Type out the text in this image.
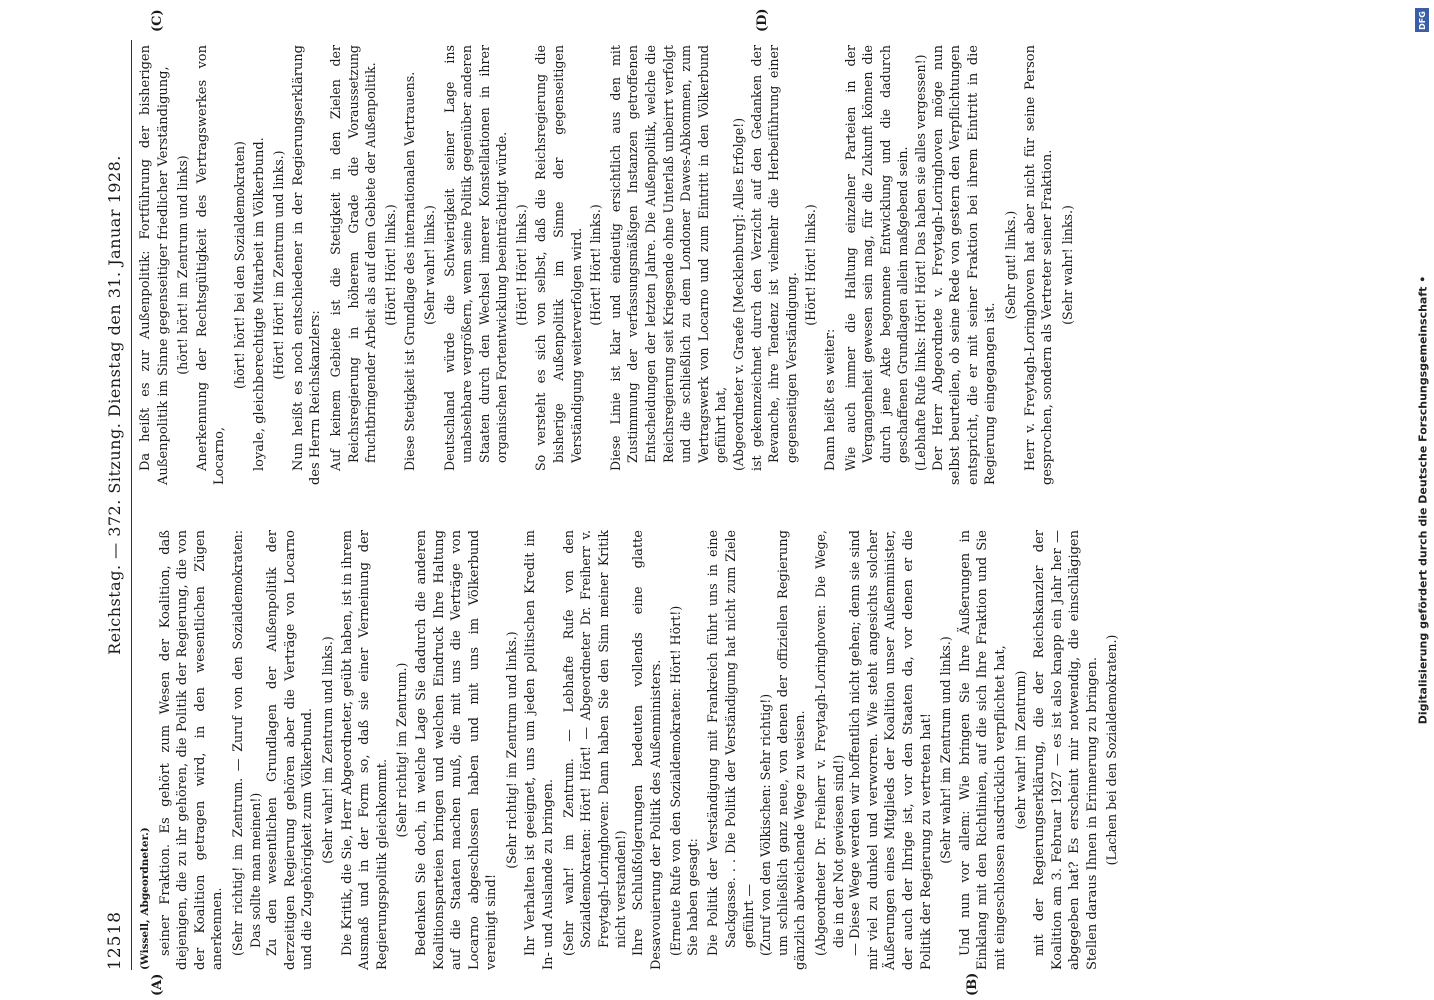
12518
Reichstag. — 372. Sitzung. Dienstag den 31. Januar 1928.
(A)	(B)
(C)	(D)
(Wissell, Abgeordneter.) seiner Fraktion. Es gehört zum Wesen der Koalition, daß diejenigen, die zu ihr gehören, die Politik der Regierung, die von der Koalition getragen wird, in den wesentlichen Zügen anerkennen. (Sehr richtig! im Zentrum. — Zuruf von den Sozialdemokraten: Das sollte man meinen!) Zu den wesentlichen Grundlagen der Außenpolitik der derzeitigen Regierung gehören aber die Verträge von Locarno und die Zugehörigkeit zum Völkerbund. (Sehr wahr! im Zentrum und links.) Die Kritik, die Sie, Herr Abgeordneter, geübt haben, ist in ihrem Ausmaß und in der Form so, daß sie einer Verneinung der Regierungspolitik gleichkommt.
(Sehr richtig! im Zentrum.) Bedenken Sie doch, in welche Lage Sie dadurch die anderen Koalitionsparteien bringen und welchen Eindruck Ihre Haltung auf die Staaten machen muß, die mit uns die Verträge von Locarno abgeschlossen haben und mit uns im Völkerbund vereinigt sind!
(Sehr richtig! im Zentrum und links.) Ihr Verhalten ist geeignet, uns um jeden politischen Kredit im In- und Auslande zu bringen. (Sehr wahr! im Zentrum. — Lebhafte Rufe von den Sozialdemokraten: Hört! Hört! — Abgeordneter Dr. Freiherr v. Freytagh-Loringhoven: Dann haben Sie den Sinn meiner Kritik nicht verstanden!) Ihre Schlußfolgerungen bedeuten vollends eine glatte Desavouierung der Politik des Außenministers. (Erneute Rufe von den Sozialdemokraten: Hört! Hört!) Sie haben gesagt: Die Politik der Verständigung mit Frankreich führt uns in eine Sackgasse. . . Die Politik der Verständigung hat nicht zum Ziele geführt — (Zuruf von den Völkischen: Sehr richtig!) um schließlich ganz neue, von denen der offiziellen Regierung gänzlich abweichende Wege zu weisen. (Abgeordneter Dr. Freiherr v. Freytagh-Loringhoven: Die Wege, die in der Not gewiesen sind!) — Diese Wege werden wir hoffentlich nicht gehen; denn sie sind mir viel zu dunkel und verworren. Wie steht angesichts solcher Äußerungen eines Mitglieds der Koalition unser Außenminister, der auch der Ihrige ist, vor den Staaten da, vor denen er die Politik der Regierung zu vertreten hat! (Sehr wahr! im Zentrum und links.) Und nun vor allem: Wie bringen Sie Ihre Äußerungen in Einklang mit den Richtlinien, auf die sich Ihre Fraktion und Sie mit eingeschlossen ausdrücklich verpflichtet hat, (sehr wahr! im Zentrum) mit der Regierungserklärung, die der Reichskanzler der Koalition am 3. Februar 1927 — es ist also knapp ein Jahr her — abgegeben hat? Es erscheint mir notwendig, die einschlägigen Stellen daraus Ihnen in Erinnerung zu bringen. (Lachen bei den Sozialdemokraten.)
Da heißt es zur Außenpolitik: Fortführung der bisherigen Außenpolitik im Sinne gegenseitiger friedlicher Verständigung, (hört! hört! im Zentrum und links) Anerkennung der Rechtsgültigkeit des Vertragswerkes von Locarno,
(hört! hört! bei den Sozialdemokraten) loyale, gleichberechtigte Mitarbeit im Völkerbund. (Hört! Hört! im Zentrum und links.) Nun heißt es noch entschiedener in der Regierungserklärung des Herrn Reichskanzlers: Auf keinem Gebiete ist die Stetigkeit in den Zielen der Reichsregierung in höherem Grade die Voraussetzung fruchtbringender Arbeit als auf dem Gebiete der Außenpolitik. (Hört! Hört! links.) Diese Stetigkeit ist Grundlage des internationalen Vertrauens. (Sehr wahr! links.) Deutschland würde die Schwierigkeit seiner Lage ins unabsehbare vergrößern, wenn seine Politik gegenüber anderen Staaten durch den Wechsel innerer Konstellationen in ihrer organischen Fortentwicklung beeinträchtigt würde. (Hört! Hört! links.) So versteht es sich von selbst, daß die Reichsregierung die bisherige Außenpolitik im Sinne der gegenseitigen Verständigung weiterverfolgen wird. (Hört! Hört! links.) Diese Linie ist klar und eindeutig ersichtlich aus den mit Zustimmung der verfassungsmäßigen Instanzen getroffenen Entscheidungen der letzten Jahre. Die Außenpolitik, welche die Reichsregierung seit Kriegsende ohne Unterlaß unbeirrt verfolgt und die schließlich zu dem Londoner Dawes-Abkommen, zum Vertragswerk von Locarno und zum Eintritt in den Völkerbund geführt hat, (Abgeordneter v. Graefe [Mecklenburg]: Alles Erfolge!) ist gekennzeichnet durch den Verzicht auf den Gedanken der Revanche, ihre Tendenz ist vielmehr die Herbeiführung einer gegenseitigen Verständigung.
(Hört! Hört! links.)
Dann heißt es weiter: Wie auch immer die Haltung einzelner Parteien in der Vergangenheit gewesen sein mag, für die Zukunft können die durch jene Akte begonnene Entwicklung und die dadurch geschaffenen Grundlagen allein maßgebend sein. (Lebhafte Rufe links: Hört! Hört! Das haben sie alles vergessen!) Der Herr Abgeordnete v. Freytagh-Loringhoven möge nun selbst beurteilen, ob seine Rede von gestern den Verpflichtungen entspricht, die er mit seiner Fraktion bei ihrem Eintritt in die Regierung eingegangen ist.
(Sehr gut! links.) Herr v. Freytagh-Loringhoven hat aber nicht für seine Person gesprochen, sondern als Vertreter seiner Fraktion. (Sehr wahr! links.)
DFG
Digitalisierung gefördert durch die Deutsche Forschungsgemeinschaft •
